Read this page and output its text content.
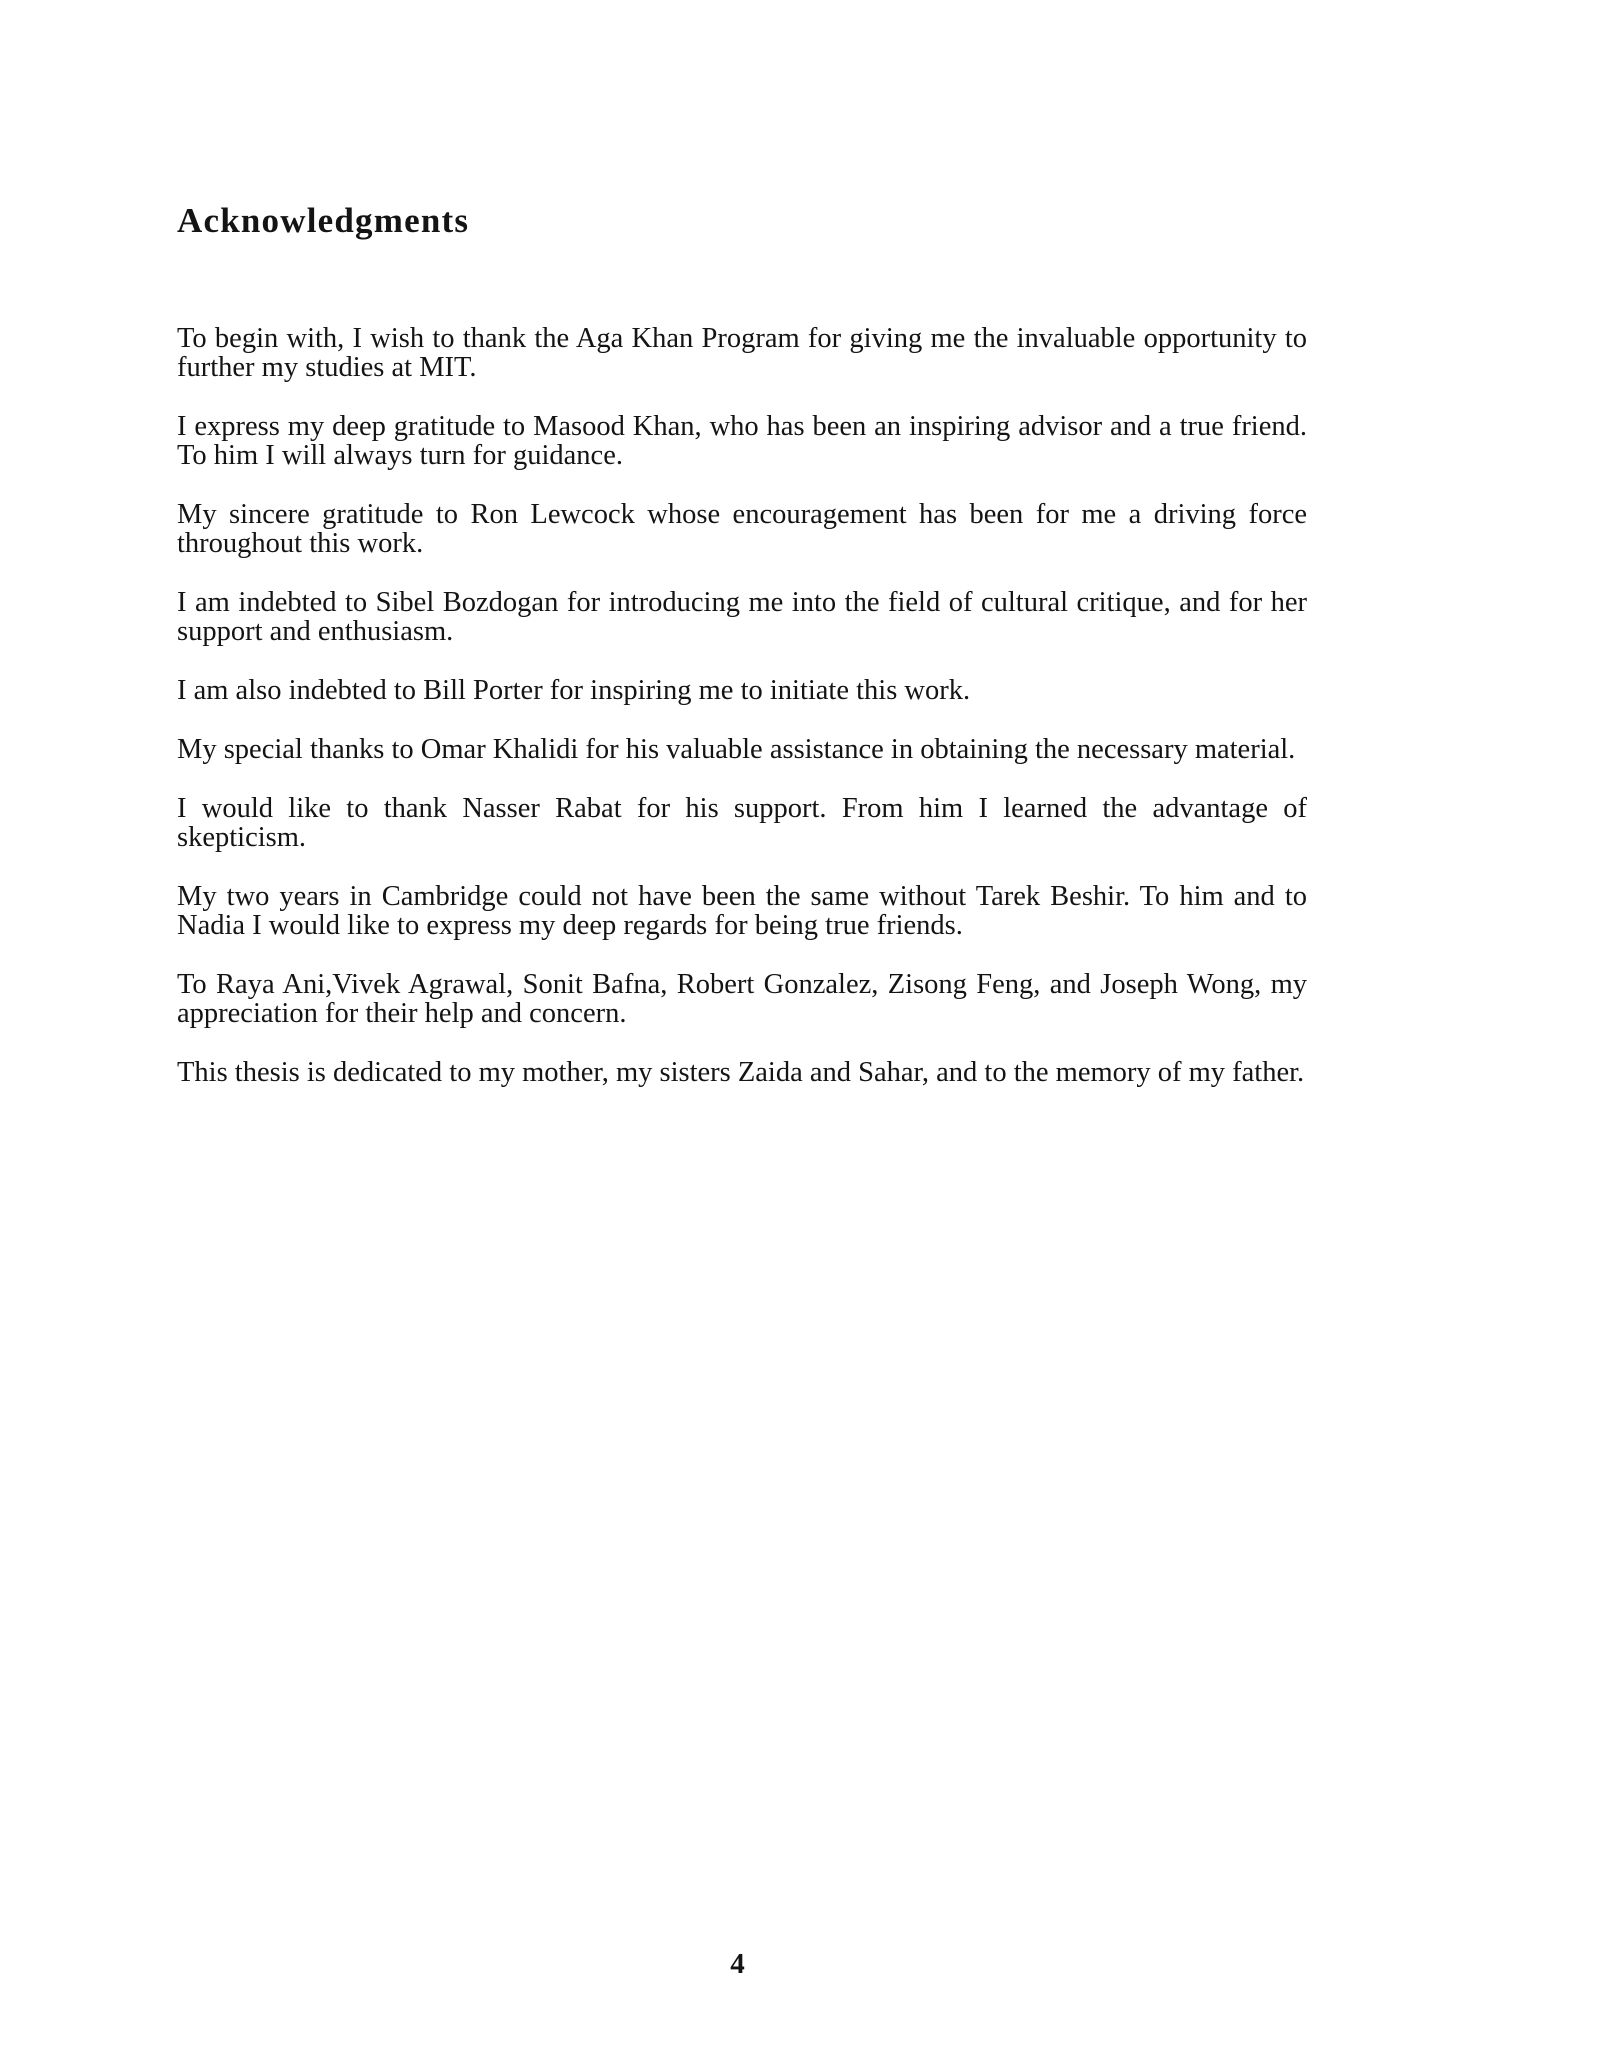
Acknowledgments

To begin with, I wish to thank the Aga Khan Program for giving me the invaluable opportunity to further my studies at MIT.

I express my deep gratitude to Masood Khan, who has been an inspiring advisor and a true friend. To him I will always turn for guidance.

My sincere gratitude to Ron Lewcock whose encouragement has been for me a driving force throughout this work.

I am indebted to Sibel Bozdogan for introducing me into the field of cultural critique, and for her support and enthusiasm.

I am also indebted to Bill Porter for inspiring me to initiate this work.

My special thanks to Omar Khalidi for his valuable assistance in obtaining the necessary material.

I would like to thank Nasser Rabat for his support. From him I learned the advantage of skepticism.

My two years in Cambridge could not have been the same without Tarek Beshir. To him and to Nadia I would like to express my deep regards for being true friends.

To Raya Ani,Vivek Agrawal, Sonit Bafna, Robert Gonzalez, Zisong Feng, and Joseph Wong, my appreciation for their help and concern.

This thesis is dedicated to my mother, my sisters Zaida and Sahar, and to the memory of my father.

4
